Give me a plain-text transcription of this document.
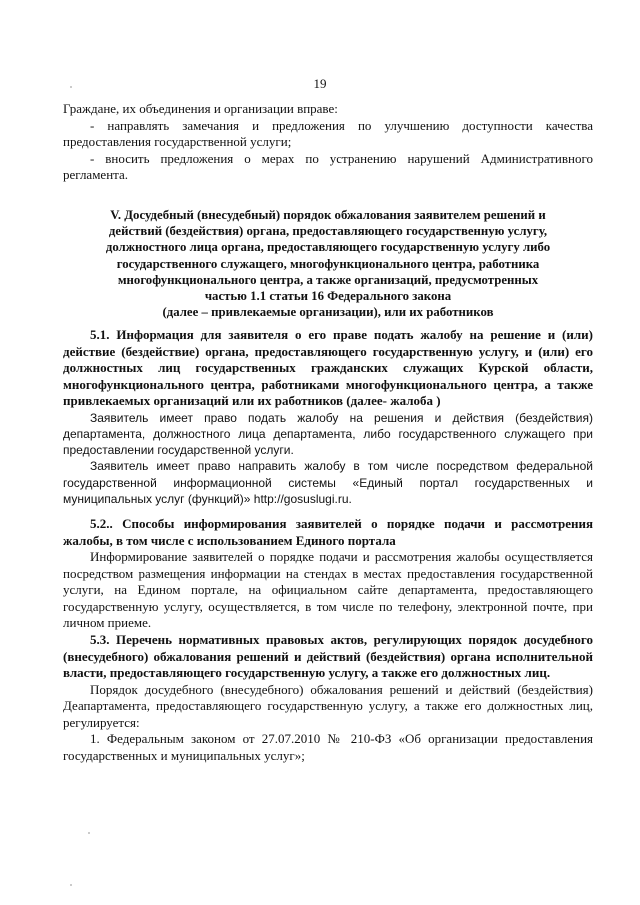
19

Граждане, их объединения и организации вправе:

- направлять замечания и предложения по улучшению доступности качества предоставления государственной услуги;

- вносить предложения о мерах по устранению нарушений Административного регламента.

V. Досудебный (внесудебный) порядок обжалования заявителем решений и
действий (бездействия) органа, предоставляющего государственную услугу,
должностного лица органа, предоставляющего государственную услугу либо
государственного служащего, многофункционального центра, работника
многофункционального центра, а также организаций, предусмотренных
частью 1.1 статьи 16 Федерального закона
(далее – привлекаемые организации), или их работников

5.1. Информация для заявителя о его праве подать жалобу на решение и (или) действие (бездействие) органа, предоставляющего государственную услугу, и (или) его должностных лиц государственных гражданских служащих Курской области, многофункционального центра, работниками многофункционального центра, а также привлекаемых организаций или их работников (далее- жалоба )

Заявитель имеет право подать жалобу на решения и действия (бездействия) департамента, должностного лица департамента, либо государственного служащего при предоставлении государственной услуги.

Заявитель имеет право направить жалобу в том числе посредством федеральной государственной информационной системы «Единый портал государственных и муниципальных услуг (функций)» http://gosuslugi.ru.

5.2.. Способы информирования заявителей о порядке подачи и рассмотрения жалобы, в том числе с использованием Единого портала

Информирование заявителей о порядке подачи и рассмотрения жалобы осуществляется посредством размещения информации на стендах в местах предоставления государственной услуги, на Едином портале, на официальном сайте департамента, предоставляющего государственную услугу, осуществляется, в том числе по телефону, электронной почте, при личном приеме.

5.3. Перечень нормативных правовых актов, регулирующих порядок досудебного (внесудебного) обжалования решений и действий (бездействия) органа исполнительной власти, предоставляющего государственную услугу, а также его должностных лиц.

Порядок досудебного (внесудебного) обжалования решений и действий (бездействия) Деапартамента, предоставляющего государственную услугу, а также его должностных лиц, регулируется:

1. Федеральным законом от 27.07.2010 № 210-ФЗ «Об организации предоставления государственных и муниципальных услуг»;
